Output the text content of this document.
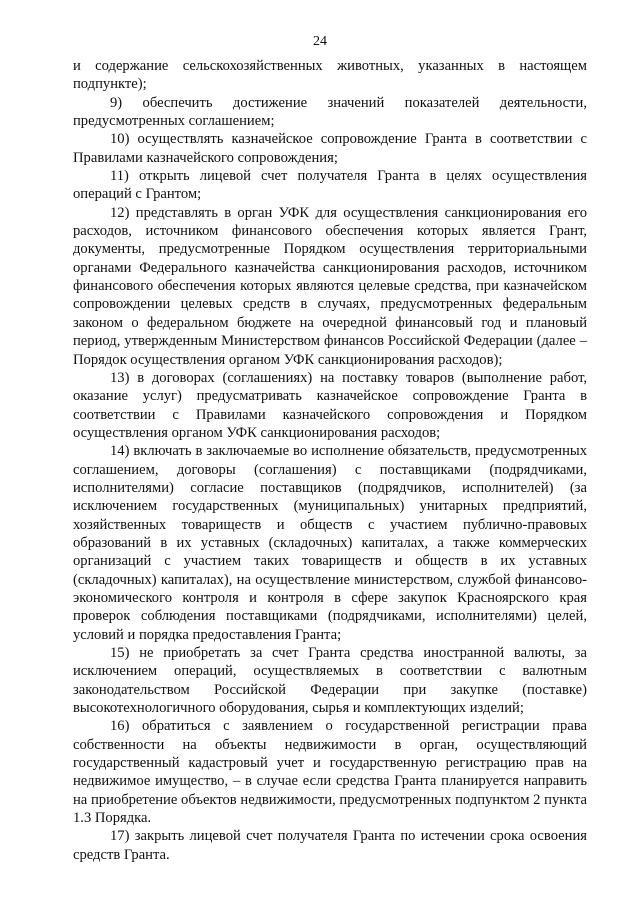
24

и содержание сельскохозяйственных животных, указанных в настоящем подпункте);

9) обеспечить достижение значений показателей деятельности, предусмотренных соглашением;

10) осуществлять казначейское сопровождение Гранта в соответствии с Правилами казначейского сопровождения;

11) открыть лицевой счет получателя Гранта в целях осуществления операций с Грантом;

12) представлять в орган УФК для осуществления санкционирования его расходов, источником финансового обеспечения которых является Грант, документы, предусмотренные Порядком осуществления территориальными органами Федерального казначейства санкционирования расходов, источником финансового обеспечения которых являются целевые средства, при казначейском сопровождении целевых средств в случаях, предусмотренных федеральным законом о федеральном бюджете на очередной финансовый год и плановый период, утвержденным Министерством финансов Российской Федерации (далее – Порядок осуществления органом УФК санкционирования расходов);

13) в договорах (соглашениях) на поставку товаров (выполнение работ, оказание услуг) предусматривать казначейское сопровождение Гранта в соответствии с Правилами казначейского сопровождения и Порядком осуществления органом УФК санкционирования расходов;

14) включать в заключаемые во исполнение обязательств, предусмотренных соглашением, договоры (соглашения) с поставщиками (подрядчиками, исполнителями) согласие поставщиков (подрядчиков, исполнителей) (за исключением государственных (муниципальных) унитарных предприятий, хозяйственных товариществ и обществ с участием публично-правовых образований в их уставных (складочных) капиталах, а также коммерческих организаций с участием таких товариществ и обществ в их уставных (складочных) капиталах), на осуществление министерством, службой финансово-экономического контроля и контроля в сфере закупок Красноярского края проверок соблюдения поставщиками (подрядчиками, исполнителями) целей, условий и порядка предоставления Гранта;

15) не приобретать за счет Гранта средства иностранной валюты, за исключением операций, осуществляемых в соответствии с валютным законодательством Российской Федерации при закупке (поставке) высокотехнологичного оборудования, сырья и комплектующих изделий;

16) обратиться с заявлением о государственной регистрации права собственности на объекты недвижимости в орган, осуществляющий государственный кадастровый учет и государственную регистрацию прав на недвижимое имущество, – в случае если средства Гранта планируется направить на приобретение объектов недвижимости, предусмотренных подпунктом 2 пункта 1.3 Порядка.

17) закрыть лицевой счет получателя Гранта по истечении срока освоения средств Гранта.
